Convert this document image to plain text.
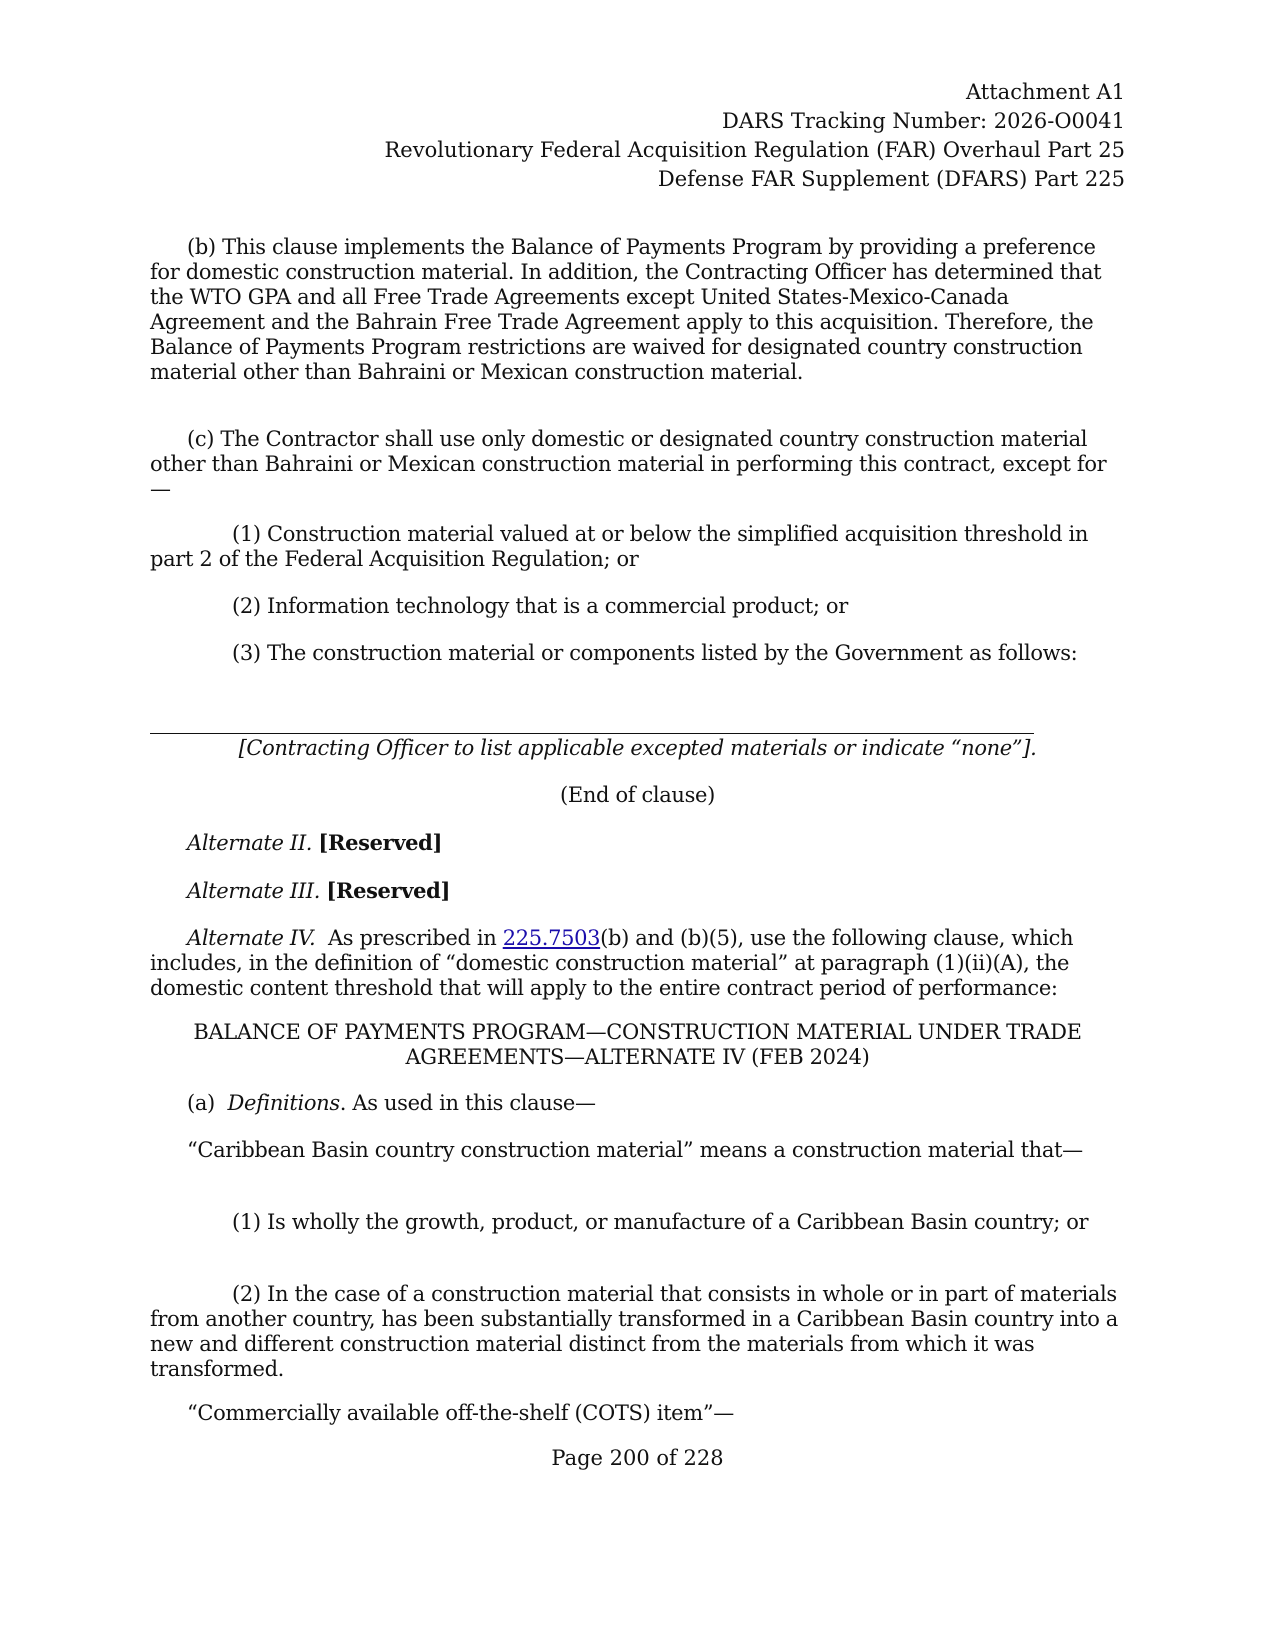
Attachment A1
DARS Tracking Number: 2026-O0041
Revolutionary Federal Acquisition Regulation (FAR) Overhaul Part 25
Defense FAR Supplement (DFARS) Part 225

(b) This clause implements the Balance of Payments Program by providing a preference for domestic construction material. In addition, the Contracting Officer has determined that the WTO GPA and all Free Trade Agreements except United States-Mexico-Canada Agreement and the Bahrain Free Trade Agreement apply to this acquisition. Therefore, the Balance of Payments Program restrictions are waived for designated country construction material other than Bahraini or Mexican construction material.

(c) The Contractor shall use only domestic or designated country construction material other than Bahraini or Mexican construction material in performing this contract, except for—

(1) Construction material valued at or below the simplified acquisition threshold in part 2 of the Federal Acquisition Regulation; or

(2) Information technology that is a commercial product; or

(3) The construction material or components listed by the Government as follows:

[Contracting Officer to list applicable excepted materials or indicate “none”].

(End of clause)

Alternate II. [Reserved]

Alternate III. [Reserved]

Alternate IV.  As prescribed in 225.7503(b) and (b)(5), use the following clause, which includes, in the definition of “domestic construction material” at paragraph (1)(ii)(A), the domestic content threshold that will apply to the entire contract period of performance:

BALANCE OF PAYMENTS PROGRAM—CONSTRUCTION MATERIAL UNDER TRADE AGREEMENTS—ALTERNATE IV (FEB 2024)

(a)  Definitions. As used in this clause—

“Caribbean Basin country construction material” means a construction material that—

(1) Is wholly the growth, product, or manufacture of a Caribbean Basin country; or

(2) In the case of a construction material that consists in whole or in part of materials from another country, has been substantially transformed in a Caribbean Basin country into a new and different construction material distinct from the materials from which it was transformed.

“Commercially available off-the-shelf (COTS) item”—

Page 200 of 228
